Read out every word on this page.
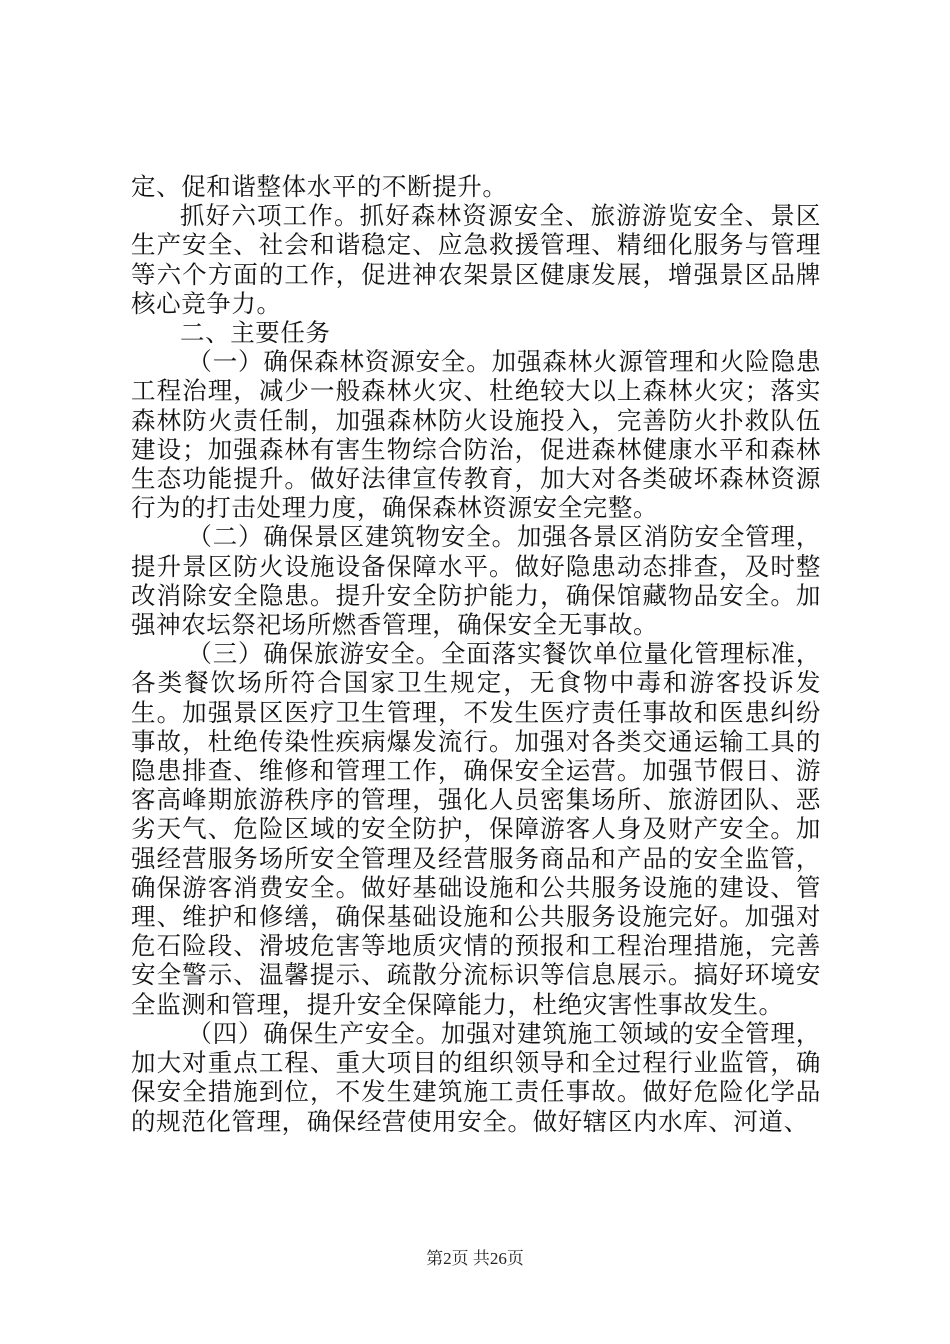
定、促和谐整体水平的不断提升。

抓好六项工作。抓好森林资源安全、旅游游览安全、景区生产安全、社会和谐稳定、应急救援管理、精细化服务与管理等六个方面的工作，促进神农架景区健康发展，增强景区品牌核心竞争力。

二、主要任务

（一）确保森林资源安全。加强森林火源管理和火险隐患工程治理，减少一般森林火灾、杜绝较大以上森林火灾；落实森林防火责任制，加强森林防火设施投入，完善防火扑救队伍建设；加强森林有害生物综合防治，促进森林健康水平和森林生态功能提升。做好法律宣传教育，加大对各类破坏森林资源行为的打击处理力度，确保森林资源安全完整。

（二）确保景区建筑物安全。加强各景区消防安全管理，提升景区防火设施设备保障水平。做好隐患动态排查，及时整改消除安全隐患。提升安全防护能力，确保馆藏物品安全。加强神农坛祭祀场所燃香管理，确保安全无事故。

（三）确保旅游安全。全面落实餐饮单位量化管理标准，各类餐饮场所符合国家卫生规定，无食物中毒和游客投诉发生。加强景区医疗卫生管理，不发生医疗责任事故和医患纠纷事故，杜绝传染性疾病爆发流行。加强对各类交通运输工具的隐患排查、维修和管理工作，确保安全运营。加强节假日、游客高峰期旅游秩序的管理，强化人员密集场所、旅游团队、恶劣天气、危险区域的安全防护，保障游客人身及财产安全。加强经营服务场所安全管理及经营服务商品和产品的安全监管，确保游客消费安全。做好基础设施和公共服务设施的建设、管理、维护和修缮，确保基础设施和公共服务设施完好。加强对危石险段、滑坡危害等地质灾情的预报和工程治理措施，完善安全警示、温馨提示、疏散分流标识等信息展示。搞好环境安全监测和管理，提升安全保障能力，杜绝灾害性事故发生。

（四）确保生产安全。加强对建筑施工领域的安全管理，加大对重点工程、重大项目的组织领导和全过程行业监管，确保安全措施到位，不发生建筑施工责任事故。做好危险化学品的规范化管理，确保经营使用安全。做好辖区内水库、河道、

第2页 共26页
